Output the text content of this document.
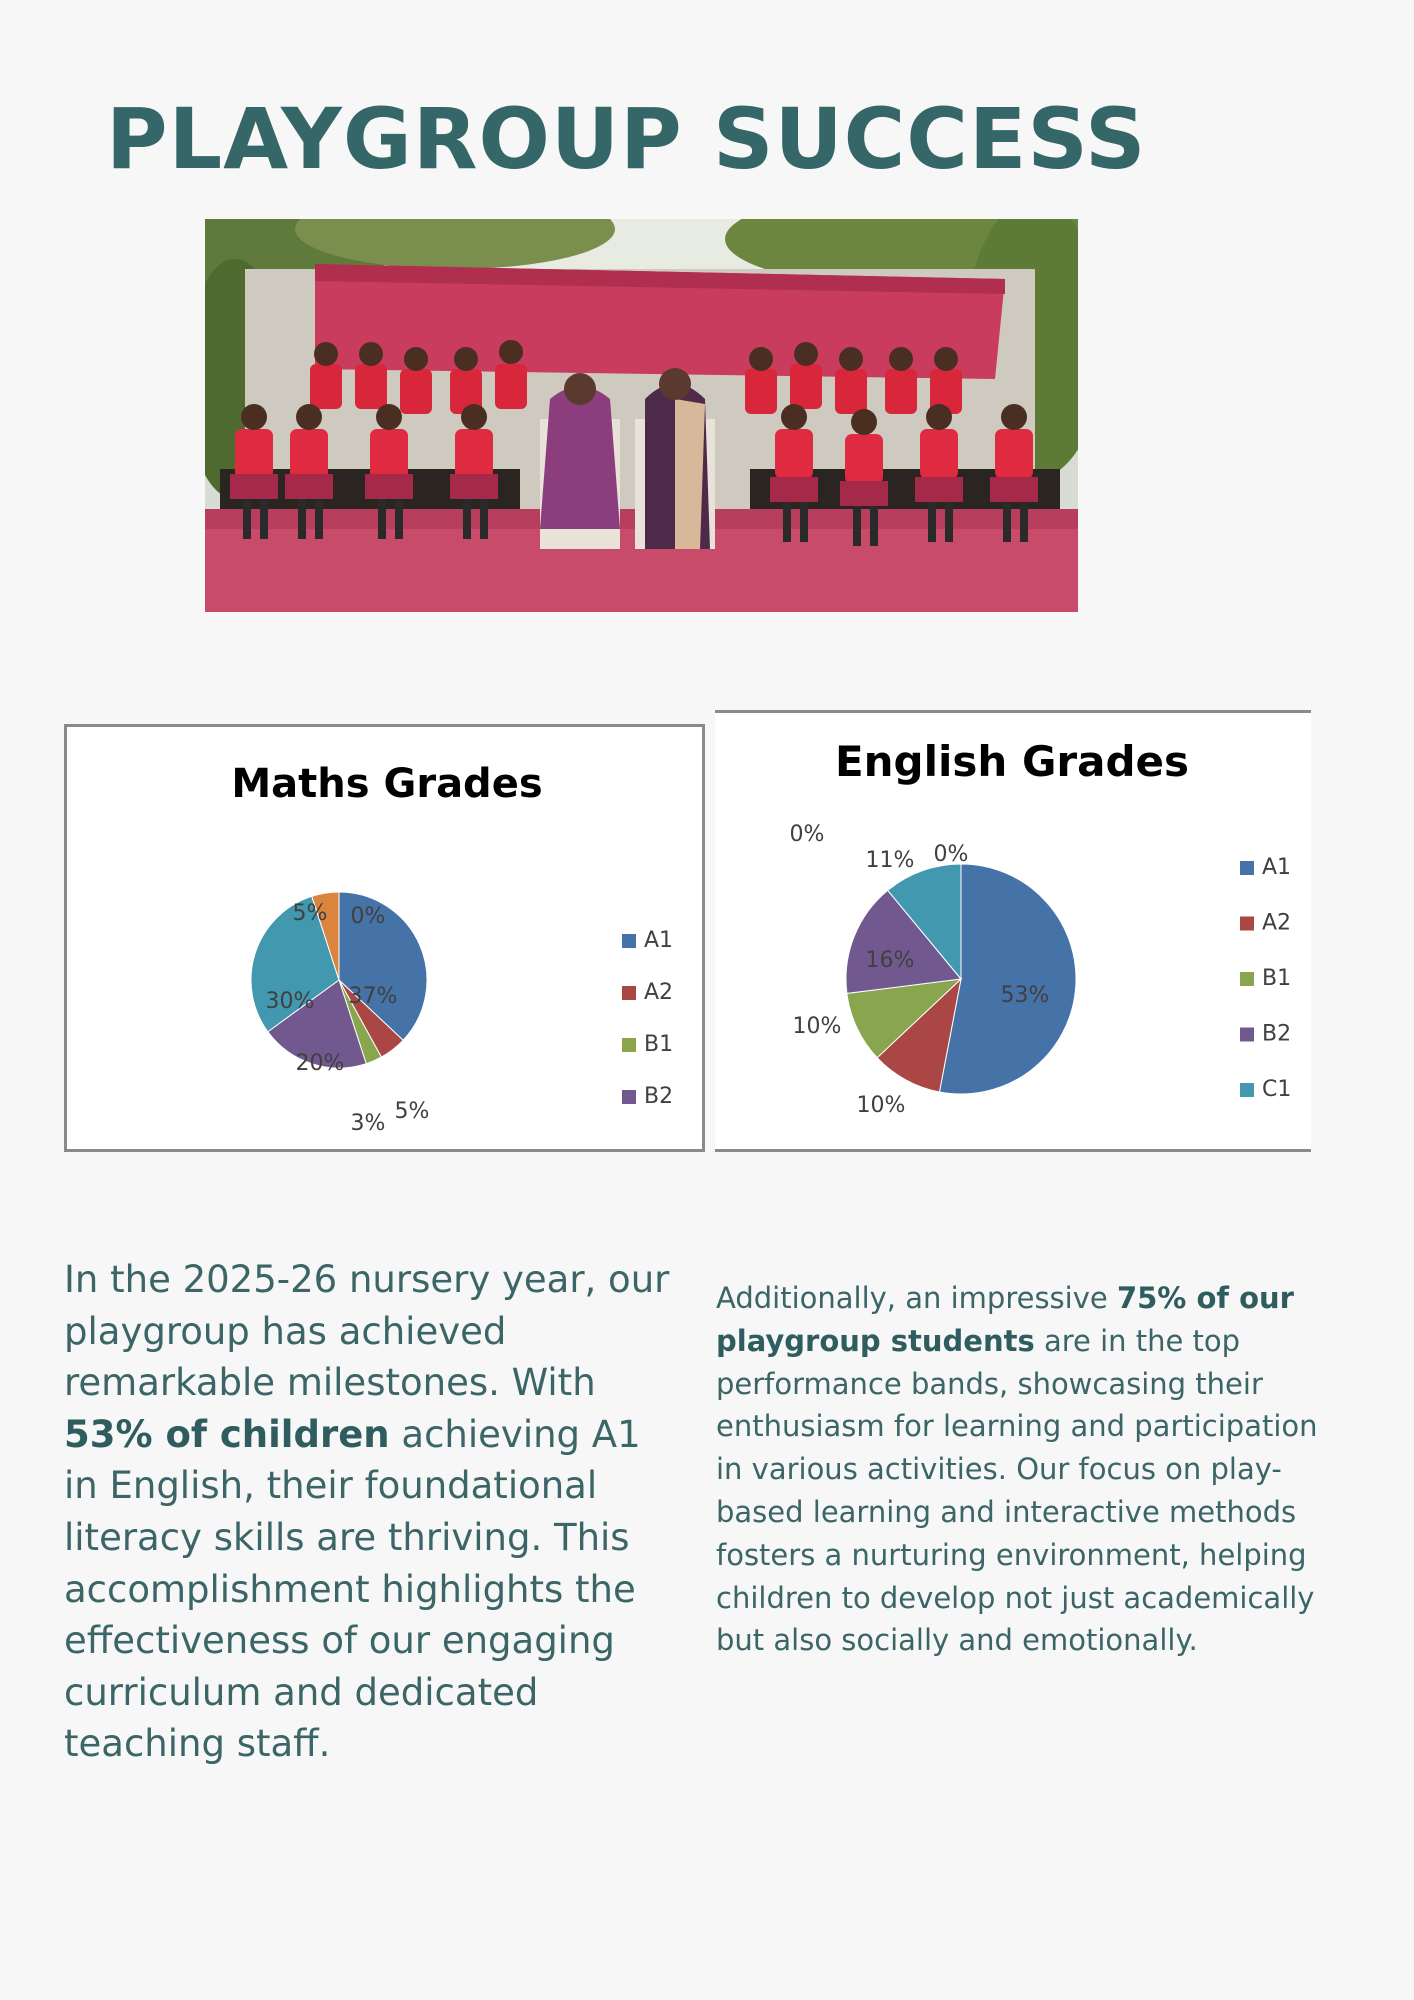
PLAYGROUP SUCCESS
Maths Grades
37%
5%
3%
20%
30%
5% 0%
A1
A2
B1
B2
English Grades
53%
10%
10%
16%
11%
0%
0%
A1
A2
B1
B2
C1

In the 2025-26 nursery year, our playgroup has achieved remarkable milestones. With 53% of children achieving A1 in English, their foundational literacy skills are thriving. This accomplishment highlights the effectiveness of our engaging curriculum and dedicated teaching staff.

Additionally, an impressive 75% of our playgroup students are in the top performance bands, showcasing their enthusiasm for learning and participation in various activities. Our focus on play-based learning and interactive methods fosters a nurturing environment, helping children to develop not just academically but also socially and emotionally.
